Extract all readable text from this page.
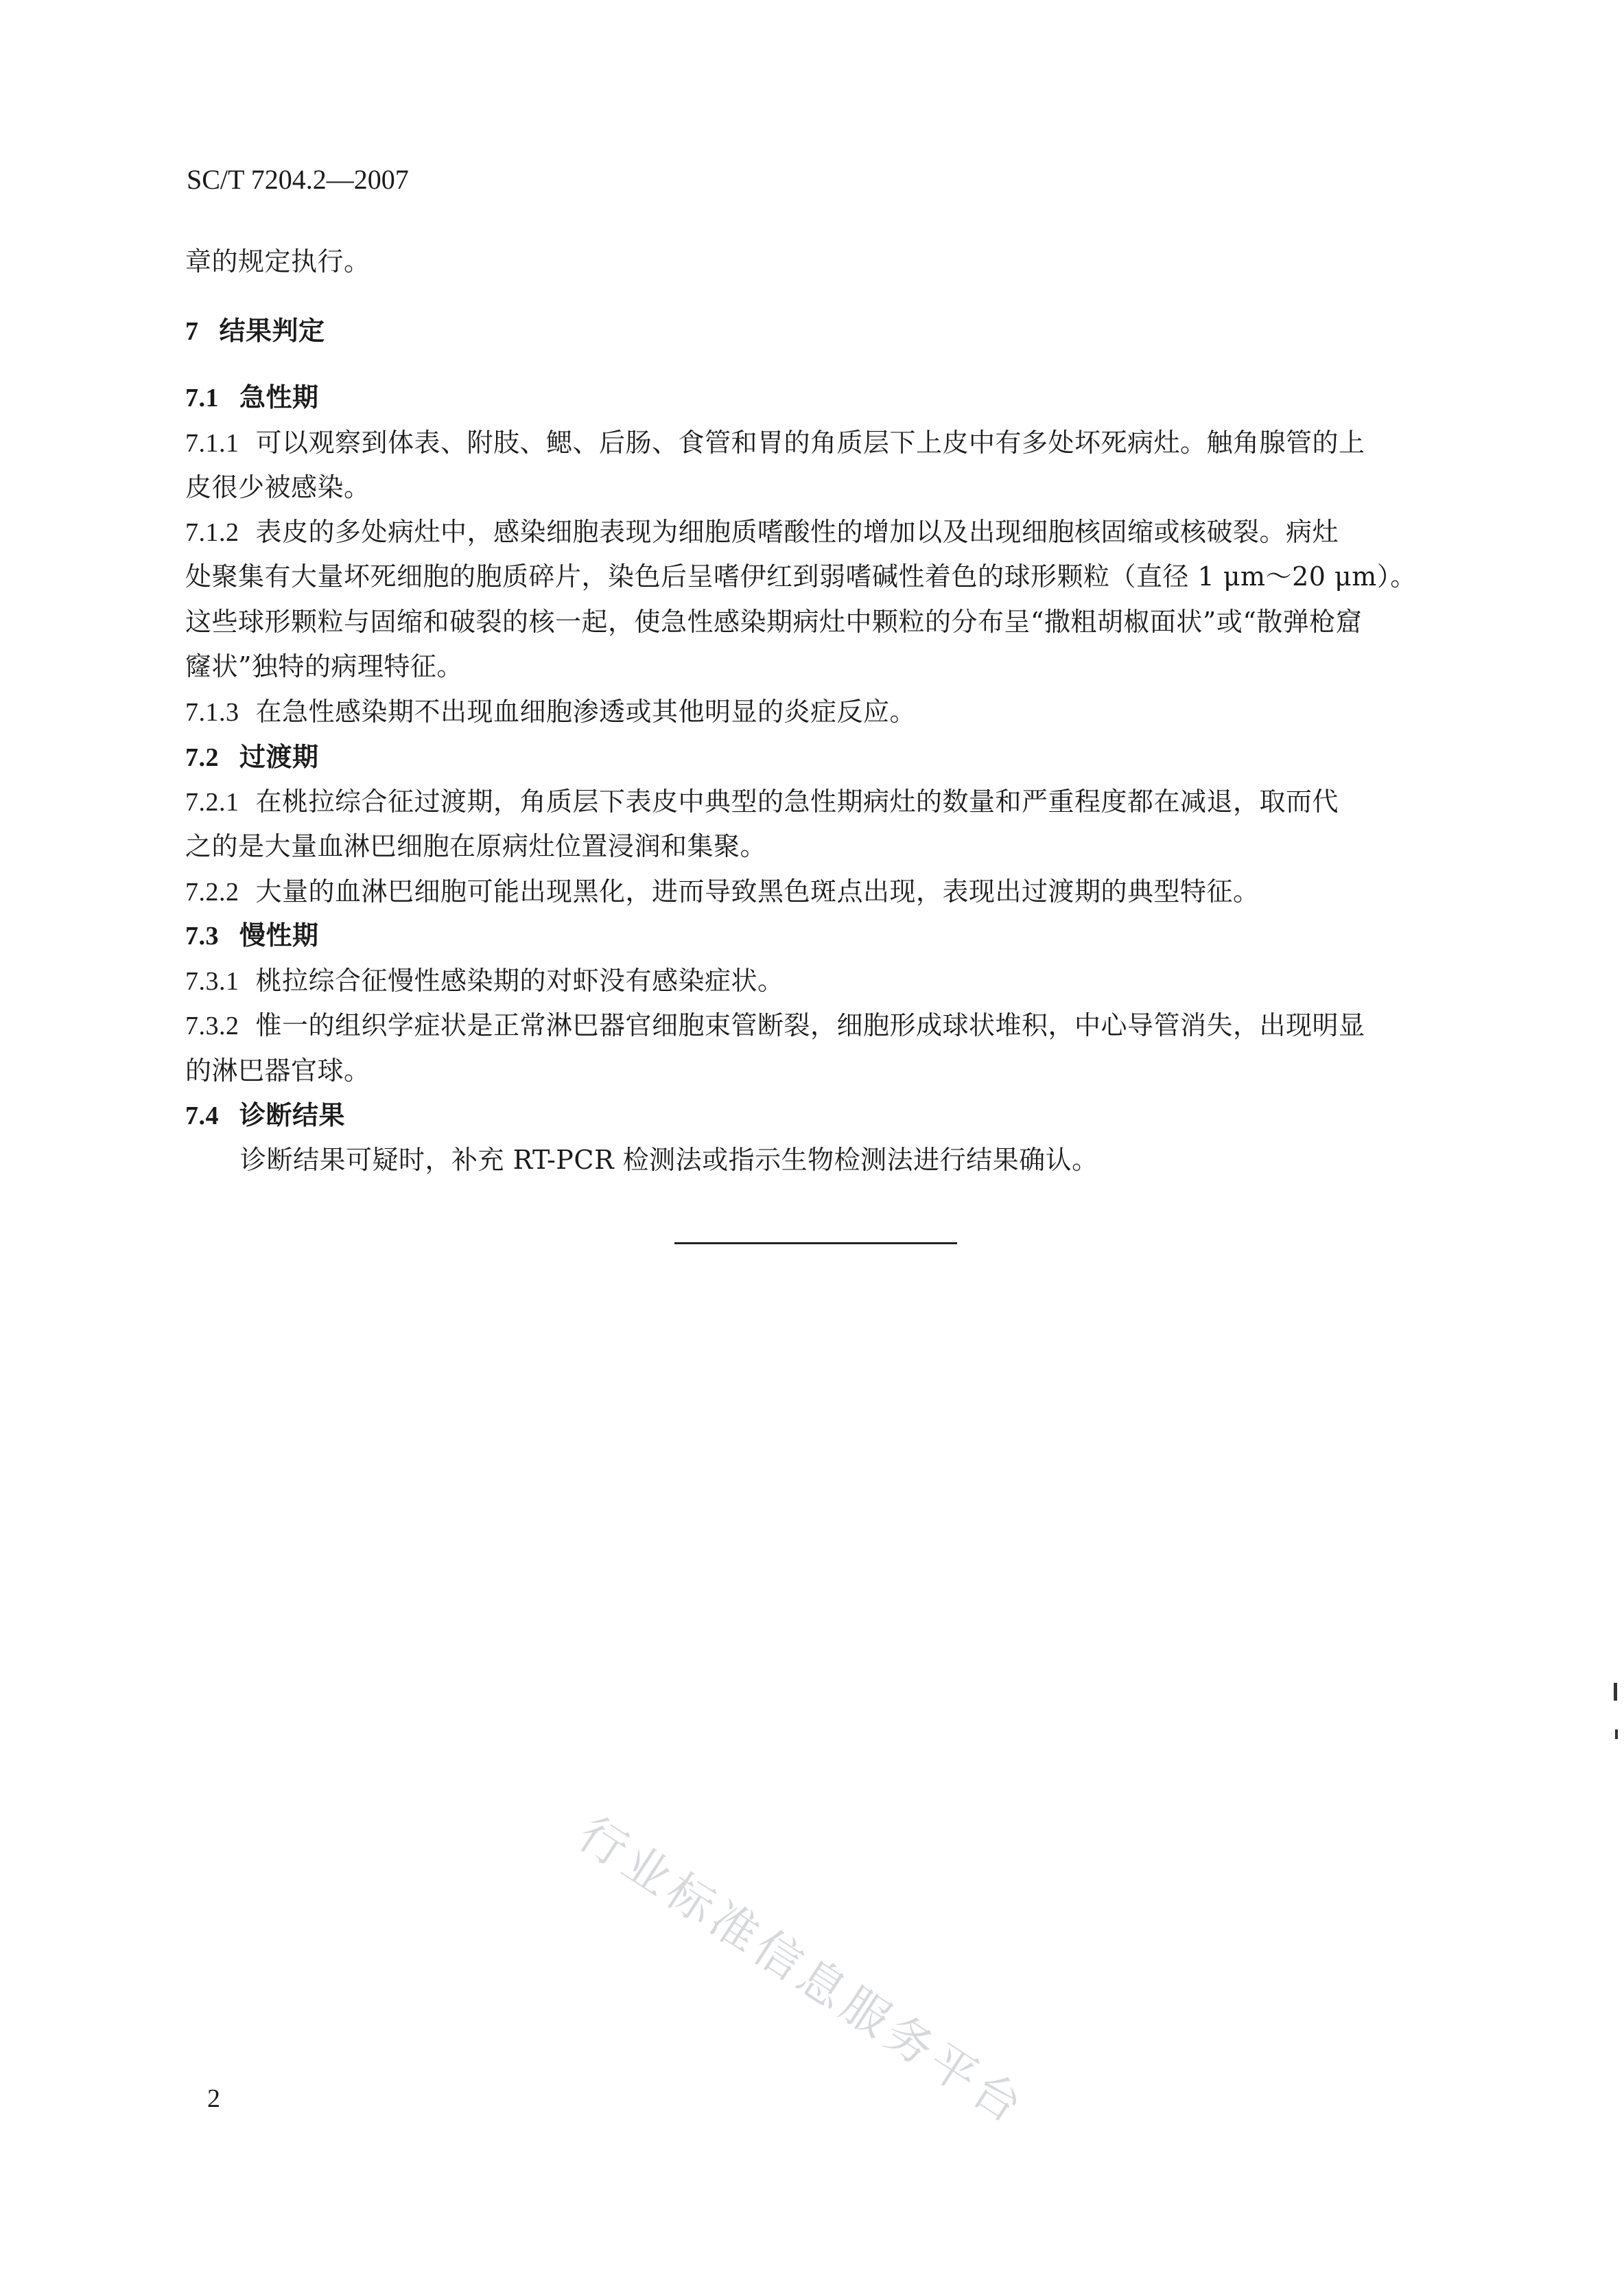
SC/T 7204.2—2007
章的规定执行。
7 结果判定
7.1 急性期
7.1.1 可以观察到体表、附肢、鳃、后肠、食管和胃的角质层下上皮中有多处坏死病灶。触角腺管的上
皮很少被感染。
7.1.2 表皮的多处病灶中，感染细胞表现为细胞质嗜酸性的增加以及出现细胞核固缩或核破裂。病灶
处聚集有大量坏死细胞的胞质碎片，染色后呈嗜伊红到弱嗜碱性着色的球形颗粒（直径 1 μm～20 μm）。
这些球形颗粒与固缩和破裂的核一起，使急性感染期病灶中颗粒的分布呈“撒粗胡椒面状”或“散弹枪窟
窿状”独特的病理特征。
7.1.3 在急性感染期不出现血细胞渗透或其他明显的炎症反应。
7.2 过渡期
7.2.1 在桃拉综合征过渡期，角质层下表皮中典型的急性期病灶的数量和严重程度都在减退，取而代
之的是大量血淋巴细胞在原病灶位置浸润和集聚。
7.2.2 大量的血淋巴细胞可能出现黑化，进而导致黑色斑点出现，表现出过渡期的典型特征。
7.3 慢性期
7.3.1 桃拉综合征慢性感染期的对虾没有感染症状。
7.3.2 惟一的组织学症状是正常淋巴器官细胞束管断裂，细胞形成球状堆积，中心导管消失，出现明显
的淋巴器官球。
7.4 诊断结果
诊断结果可疑时，补充 RT-PCR 检测法或指示生物检测法进行结果确认。
行业标准信息服务平台
2
